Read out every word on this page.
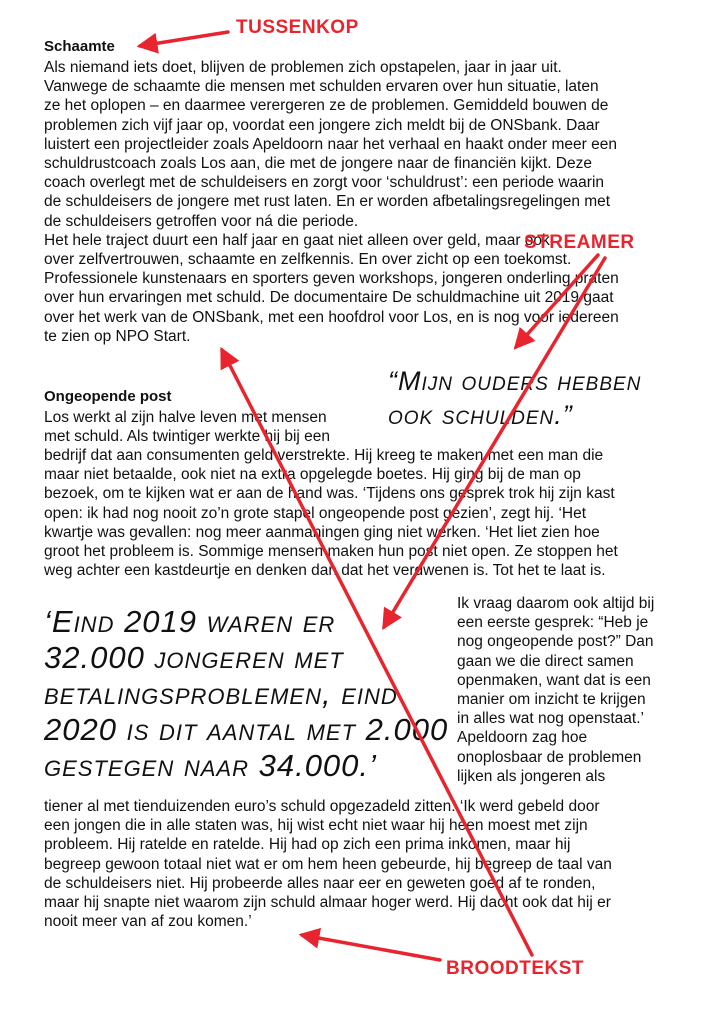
Schaamte
Als niemand iets doet, blijven de problemen zich opstapelen, jaar in jaar uit.
Vanwege de schaamte die mensen met schulden ervaren over hun situatie, laten
ze het oplopen – en daarmee verergeren ze de problemen. Gemiddeld bouwen de
problemen zich vijf jaar op, voordat een jongere zich meldt bij de ONSbank. Daar
luistert een projectleider zoals Apeldoorn naar het verhaal en haakt onder meer een
schuldrustcoach zoals Los aan, die met de jongere naar de financiën kijkt. Deze
coach overlegt met de schuldeisers en zorgt voor ‘schuldrust’: een periode waarin
de schuldeisers de jongere met rust laten. En er worden afbetalingsregelingen met
de schuldeisers getroffen voor ná die periode.
Het hele traject duurt een half jaar en gaat niet alleen over geld, maar ook
over zelfvertrouwen, schaamte en zelfkennis. En over zicht op een toekomst.
Professionele kunstenaars en sporters geven workshops, jongeren onderling praten
over hun ervaringen met schuld. De documentaire De schuldmachine uit 2019 gaat
over het werk van de ONSbank, met een hoofdrol voor Los, en is nog voor iedereen
te zien op NPO Start.
Ongeopende post
Los werkt al zijn halve leven met mensen
met schuld. Als twintiger werkte hij bij een
bedrijf dat aan consumenten geld verstrekte. Hij kreeg te maken met een man die
maar niet betaalde, ook niet na extra opgelegde boetes. Hij ging bij de man op
bezoek, om te kijken wat er aan de hand was. ‘Tijdens ons gesprek trok hij zijn kast
open: ik had nog nooit zo’n grote stapel ongeopende post gezien’, zegt hij. ‘Het
kwartje was gevallen: nog meer aanmaningen ging niet werken. ‘Het liet zien hoe
groot het probleem is. Sommige mensen maken hun post niet open. Ze stoppen het
weg achter een kastdeurtje en denken dan dat het verdwenen is. Tot het te laat is.
Ik vraag daarom ook altijd bij
een eerste gesprek: “Heb je
nog ongeopende post?” Dan
gaan we die direct samen
openmaken, want dat is een
manier om inzicht te krijgen
in alles wat nog openstaat.’
Apeldoorn zag hoe
onoplosbaar de problemen
lijken als jongeren als
tiener al met tienduizenden euro’s schuld opgezadeld zitten. ‘Ik werd gebeld door
een jongen die in alle staten was, hij wist echt niet waar hij heen moest met zijn
probleem. Hij ratelde en ratelde. Hij had op zich een prima inkomen, maar hij
begreep gewoon totaal niet wat er om hem heen gebeurde, hij begreep de taal van
de schuldeisers niet. Hij probeerde alles naar eer en geweten goed af te ronden,
maar hij snapte niet waarom zijn schuld almaar hoger werd. Hij dacht ook dat hij er
nooit meer van af zou komen.’
“Mijn ouders hebben
ook schulden.”
‘Eind 2019 waren er
32.000 jongeren met
betalingsproblemen, eind
2020 is dit aantal met 2.000
gestegen naar 34.000.’
TUSSENKOP
STREAMER
BROODTEKST
